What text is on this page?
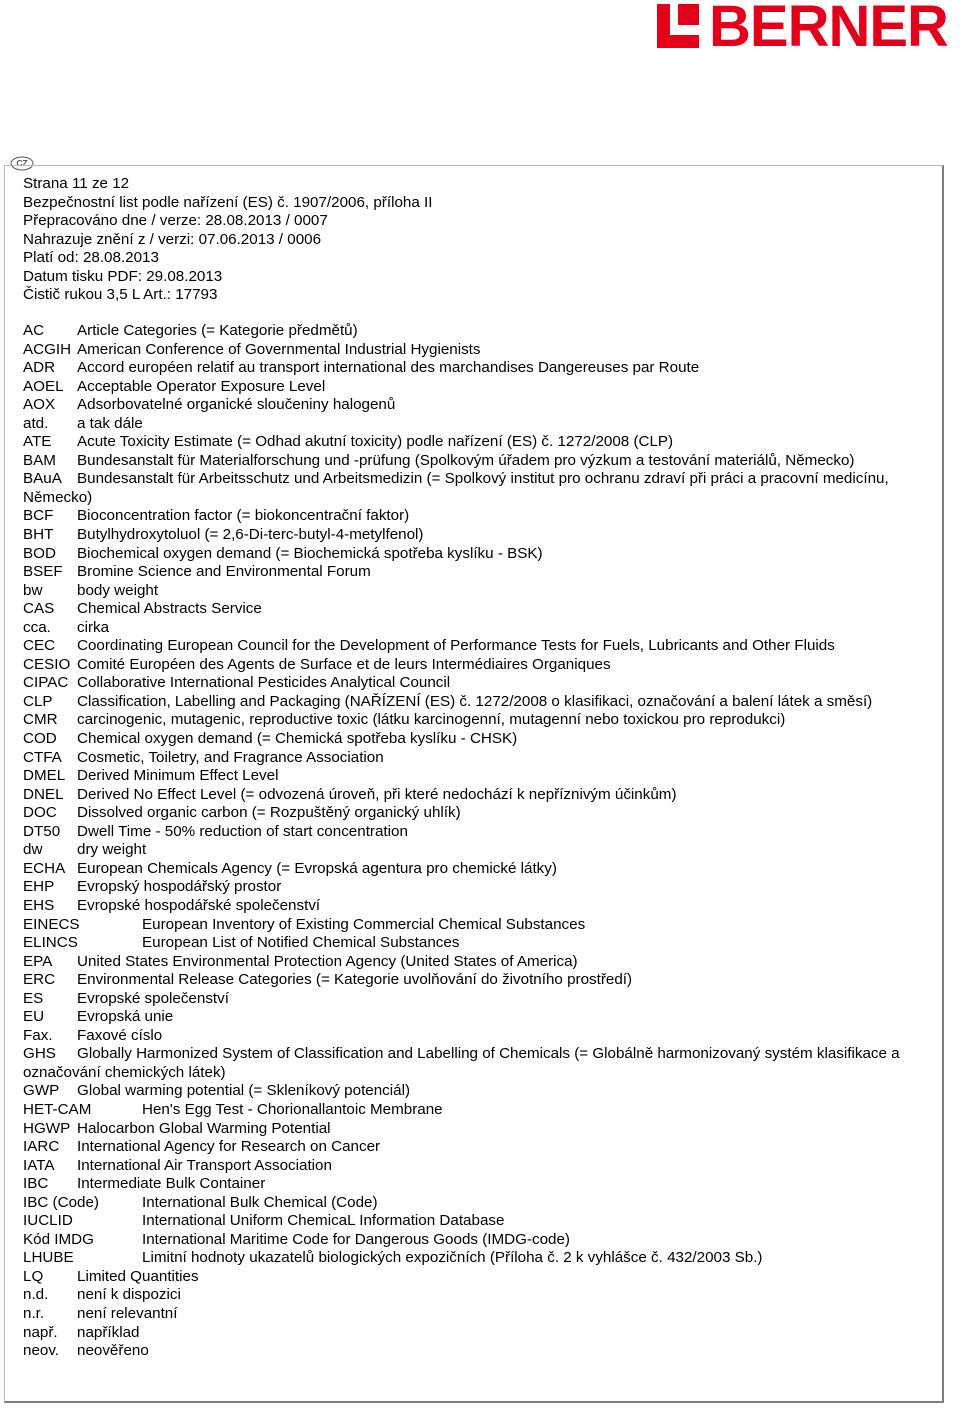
BERNER
CZ
Strana 11 ze 12
Bezpečnostní list podle nařízení (ES) č. 1907/2006, příloha II
Přepracováno dne / verze: 28.08.2013 / 0007
Nahrazuje znění z / verzi: 07.06.2013 / 0006
Platí od: 28.08.2013
Datum tisku PDF: 29.08.2013
Čistič rukou 3,5 L Art.: 17793
AC	Article Categories (= Kategorie předmětů)
ACGIH American Conference of Governmental Industrial Hygienists
ADR	Accord européen relatif au transport international des marchandises Dangereuses par Route
AOEL Acceptable Operator Exposure Level
AOX	Adsorbovatelné organické sloučeniny halogenů
atd.	a tak dále
ATE	Acute Toxicity Estimate (= Odhad akutní toxicity) podle nařízení (ES) č. 1272/2008 (CLP)
BAM	Bundesanstalt für Materialforschung und -prüfung (Spolkovým úřadem pro výzkum a testování materiálů, Německo)
BAuA Bundesanstalt für Arbeitsschutz und Arbeitsmedizin (= Spolkový institut pro ochranu zdraví při práci a pracovní medicínu, Německo)
BCF	Bioconcentration factor (= biokoncentrační faktor)
BHT	Butylhydroxytoluol (= 2,6-Di-terc-butyl-4-metylfenol)
BOD	Biochemical oxygen demand (= Biochemická spotřeba kyslíku - BSK)
BSEF Bromine Science and Environmental Forum
bw	body weight
CAS	Chemical Abstracts Service
cca.	cirka
CEC	Coordinating European Council for the Development of Performance Tests for Fuels, Lubricants and Other Fluids
CESIO Comité Européen des Agents de Surface et de leurs Intermédiaires Organiques
CIPAC Collaborative International Pesticides Analytical Council
CLP	Classification, Labelling and Packaging (NAŘÍZENÍ (ES) č. 1272/2008 o klasifikaci, označování a balení látek a směsí)
CMR	carcinogenic, mutagenic, reproductive toxic (látku karcinogenní, mutagenní nebo toxickou pro reprodukci)
COD	Chemical oxygen demand (= Chemická spotřeba kyslíku - CHSK)
CTFA Cosmetic, Toiletry, and Fragrance Association
DMEL Derived Minimum Effect Level
DNEL Derived No Effect Level (= odvozená úroveň, při které nedochází k nepříznivým účinkům)
DOC	Dissolved organic carbon (= Rozpuštěný organický uhlík)
DT50	Dwell Time - 50% reduction of start concentration
dw	dry weight
ECHA European Chemicals Agency (= Evropská agentura pro chemické látky)
EHP	Evropský hospodářský prostor
EHS	Evropské hospodářské společenství
EINECS	European Inventory of Existing Commercial Chemical Substances
ELINCS	European List of Notified Chemical Substances
EPA	United States Environmental Protection Agency (United States of America)
ERC	Environmental Release Categories (= Kategorie uvolňování do životního prostředí)
ES	Evropské společenství
EU	Evropská unie
Fax.	Faxové císlo
GHS	Globally Harmonized System of Classification and Labelling of Chemicals (= Globálně harmonizovaný systém klasifikace a označování chemických látek)
GWP	Global warming potential (= Skleníkový potenciál)
HET-CAM	Hen's Egg Test - Chorionallantoic Membrane
HGWP Halocarbon Global Warming Potential
IARC	International Agency for Research on Cancer
IATA	International Air Transport Association
IBC	Intermediate Bulk Container
IBC (Code)	International Bulk Chemical (Code)
IUCLID	International Uniform ChemicaL Information Database
Kód IMDG	International Maritime Code for Dangerous Goods (IMDG-code)
LHUBE	Limitní hodnoty ukazatelů biologických expozičních (Příloha č. 2 k vyhlášce č. 432/2003 Sb.)
LQ	Limited Quantities
n.d.	není k dispozici
n.r.	není relevantní
např.	například
neov.	neověřeno
